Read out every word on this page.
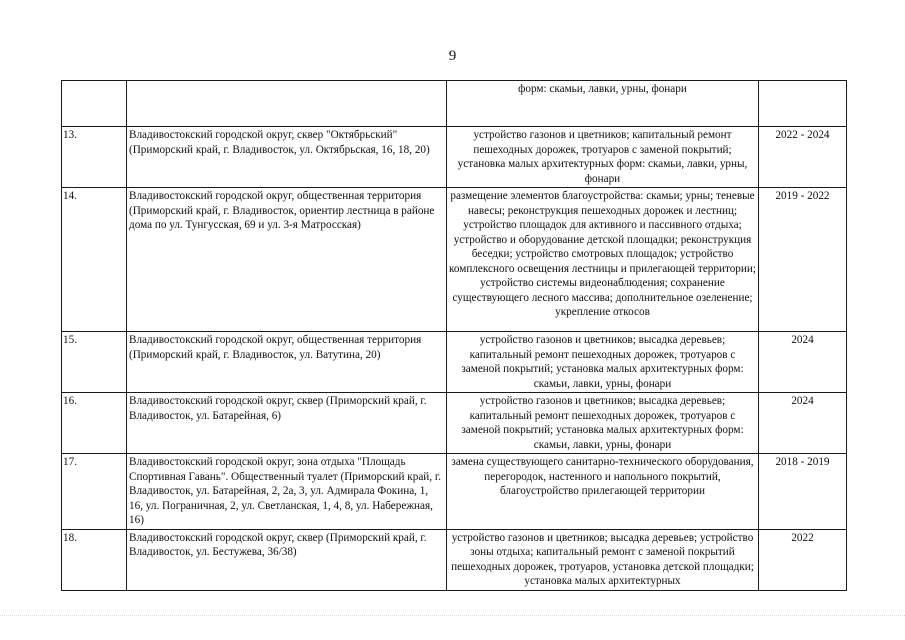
9
		форм: скамьи, лавки, урны, фонари	
13.	Владивостокский городской округ, сквер "Октябрьский" (Приморский край, г. Владивосток, ул. Октябрьская, 16, 18, 20)	устройство газонов и цветников; капитальный ремонт пешеходных дорожек, тротуаров с заменой покрытий; установка малых архитектурных форм: скамьи, лавки, урны, фонари	2022 - 2024
14.	Владивостокский городской округ, общественная территория (Приморский край, г. Владивосток, ориентир лестница в районе дома по ул. Тунгусская, 69 и ул. 3-я Матросская)	размещение элементов благоустройства: скамьи; урны; теневые навесы; реконструкция пешеходных дорожек и лестниц; устройство площадок для активного и пассивного отдыха; устройство и оборудование детской площадки; реконструкция беседки; устройство смотровых площадок; устройство комплексного освещения лестницы и прилегающей территории; устройство системы видеонаблюдения; сохранение существующего лесного массива; дополнительное озеленение; укрепление откосов	2019 - 2022
15.	Владивостокский городской округ, общественная территория (Приморский край, г. Владивосток, ул. Ватутина, 20)	устройство газонов и цветников; высадка деревьев; капитальный ремонт пешеходных дорожек, тротуаров с заменой покрытий; установка малых архитектурных форм: скамьи, лавки, урны, фонари	2024
16.	Владивостокский городской округ, сквер (Приморский край, г. Владивосток, ул. Батарейная, 6)	устройство газонов и цветников; высадка деревьев; капитальный ремонт пешеходных дорожек, тротуаров с заменой покрытий; установка малых архитектурных форм: скамьи, лавки, урны, фонари	2024
17.	Владивостокский городской округ, зона отдыха "Площадь Спортивная Гавань". Общественный туалет (Приморский край, г. Владивосток, ул. Батарейная, 2, 2а, 3, ул. Адмирала Фокина, 1, 16, ул. Пограничная, 2, ул. Светланская, 1, 4, 8, ул. Набережная, 16)	замена существующего санитарно-технического оборудования, перегородок, настенного и напольного покрытий, благоустройство прилегающей территории	2018 - 2019
18.	Владивостокский городской округ, сквер (Приморский край, г. Владивосток, ул. Бестужева, 36/38)	устройство газонов и цветников; высадка деревьев; устройство зоны отдыха; капитальный ремонт с заменой покрытий пешеходных дорожек, тротуаров, установка детской площадки; установка малых архитектурных	2022
